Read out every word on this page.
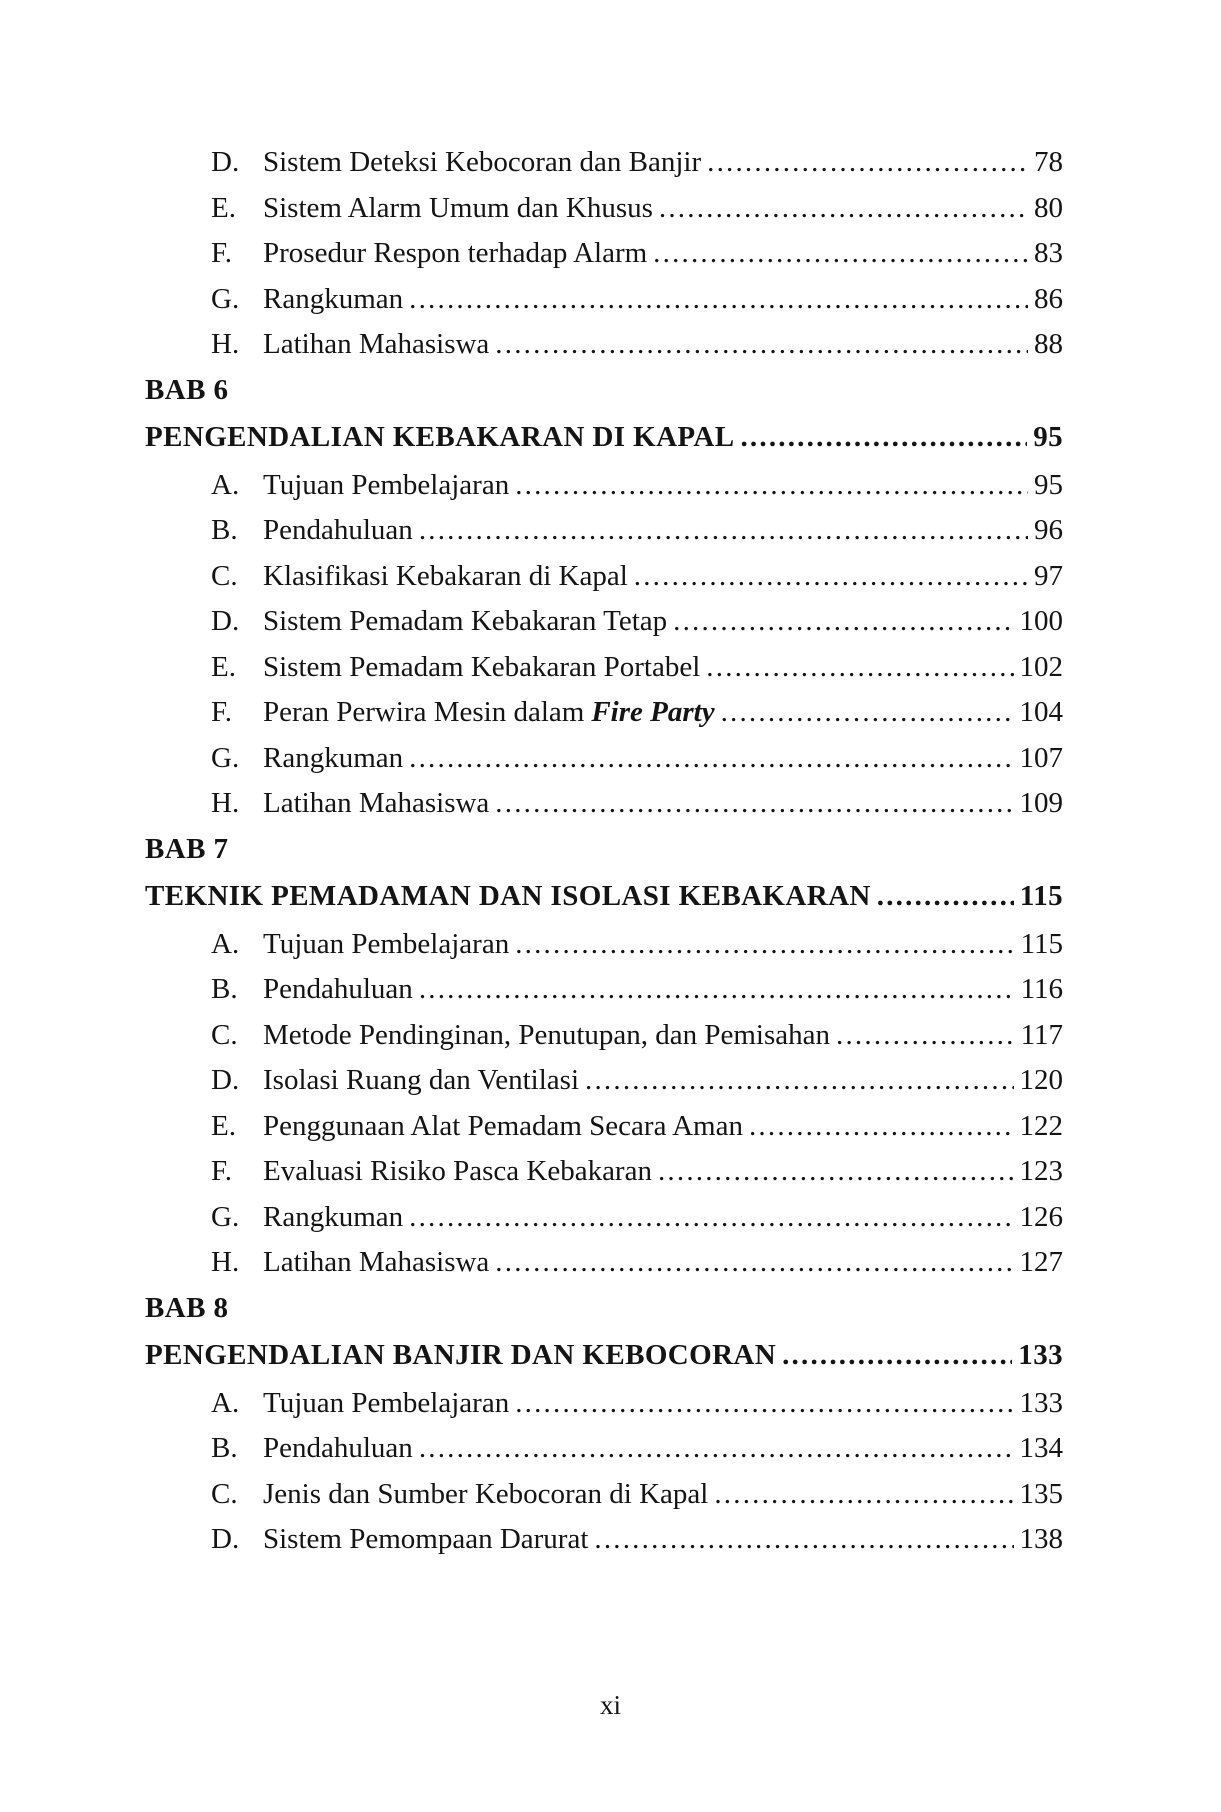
D. Sistem Deteksi Kebocoran dan Banjir .....	78
E. Sistem Alarm Umum dan Khusus .....	80
F.	Prosedur Respon terhadap Alarm .....	83
G. Rangkuman .....	86
H. Latihan Mahasiswa .....	88
BAB 6
PENGENDALIAN KEBAKARAN DI KAPAL .....	95
A. Tujuan Pembelajaran .....	95
B. Pendahuluan .....	96
C. Klasifikasi Kebakaran di Kapal .....	97
D. Sistem Pemadam Kebakaran Tetap .....	100
E. Sistem Pemadam Kebakaran Portabel .....	102
F.	Peran Perwira Mesin dalam Fire Party .....	104
G. Rangkuman .....	107
H. Latihan Mahasiswa .....	109
BAB 7
TEKNIK PEMADAMAN DAN ISOLASI KEBAKARAN .....	115
A. Tujuan Pembelajaran .....	115
B. Pendahuluan .....	116
C. Metode Pendinginan, Penutupan, dan Pemisahan .....	117
D. Isolasi Ruang dan Ventilasi .....	120
E. Penggunaan Alat Pemadam Secara Aman .....	122
F.	Evaluasi Risiko Pasca Kebakaran .....	123
G. Rangkuman .....	126
H. Latihan Mahasiswa .....	127
BAB 8
PENGENDALIAN BANJIR DAN KEBOCORAN .....	133
A. Tujuan Pembelajaran .....	133
B. Pendahuluan .....	134
C. Jenis dan Sumber Kebocoran di Kapal .....	135
D. Sistem Pemompaan Darurat .....	138
xi
